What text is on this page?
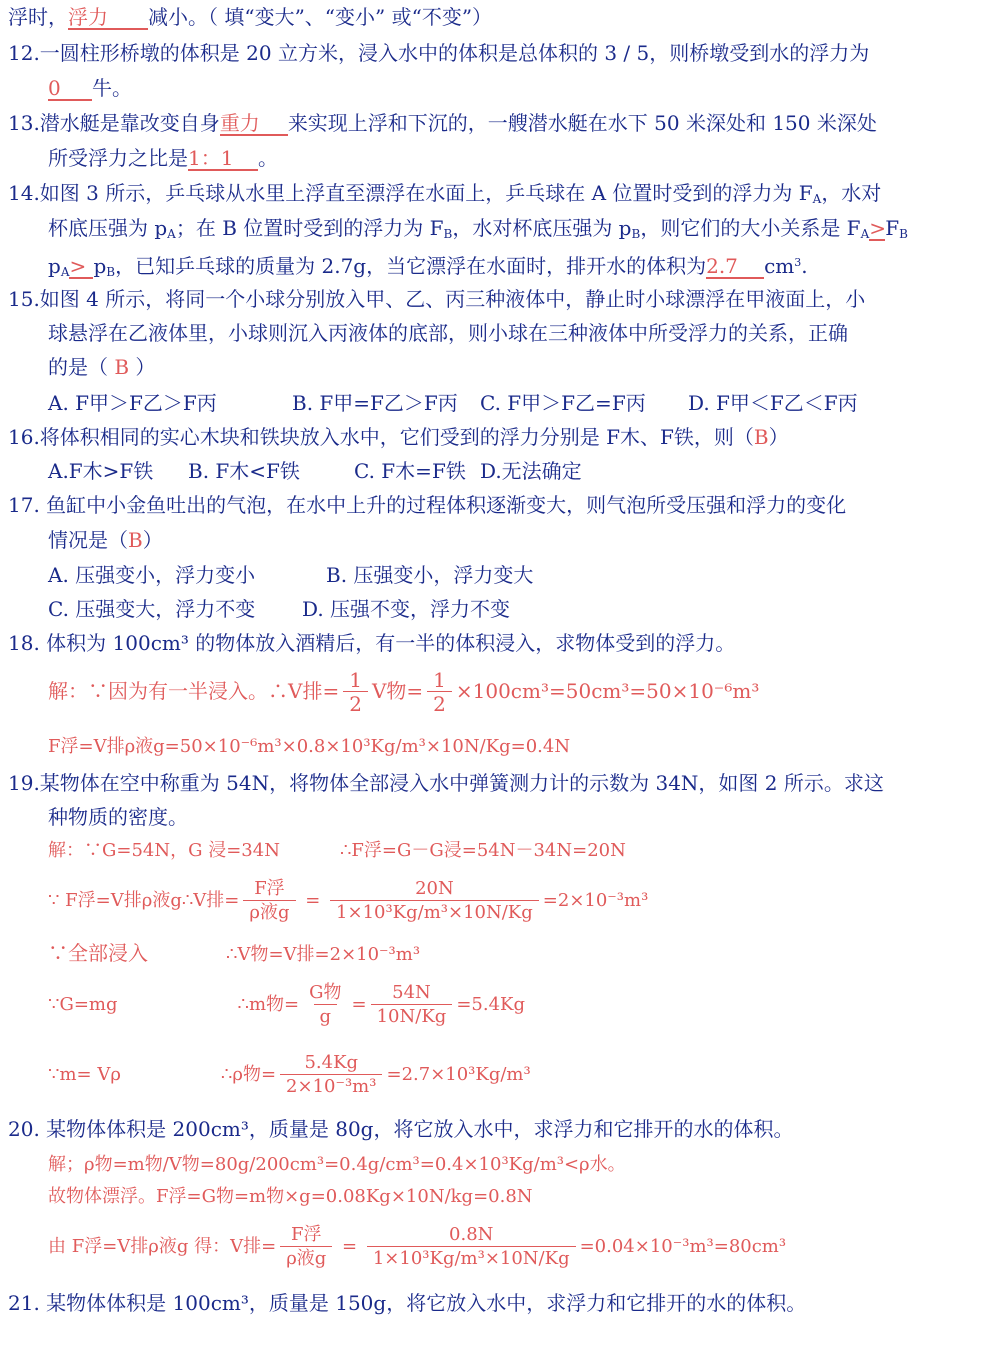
浮时，浮力 减小。（ 填“变大”、“变小” 或“不变”）
12.一圆柱形桥墩的体积是 20 立方米，浸入水中的体积是总体积的 3 / 5，则桥墩受到水的浮力为
0 牛。
13.潜水艇是靠改变自身重力 来实现上浮和下沉的，一艘潜水艇在水下 50 米深处和 150 米深处
所受浮力之比是1：1 。
14.如图 3 所示，乒乓球从水里上浮直至漂浮在水面上，乒乓球在 A 位置时受到的浮力为 $F_A$，水对
杯底压强为 $p_A$；在 B 位置时受到的浮力为 $F_B$，水对杯底压强为 $p_B$，则它们的大小关系是 $F_A>F_B$
$p_A> p_B$，已知乒乓球的质量为 2.7g，当它漂浮在水面时，排开水的体积为2.7 $cm^3$.
15.如图 4 所示，将同一个小球分别放入甲、乙、丙三种液体中，静止时小球漂浮在甲液面上，小
球悬浮在乙液体里，小球则沉入丙液体的底部，则小球在三种液体中所受浮力的关系，正确
的是（ B ）
A. F甲＞F乙＞F丙	B. F甲=F乙＞F丙 C. F甲＞F乙=F丙 D. F甲＜F乙＜F丙
16.将体积相同的实心木块和铁块放入水中，它们受到的浮力分别是 F木、F铁，则（B）
A.F木>F铁 B. F木<F铁	C. F木=F铁 D.无法确定
17. 鱼缸中小金鱼吐出的气泡，在水中上升的过程体积逐渐变大，则气泡所受压强和浮力的变化
情况是（B）
A. 压强变小，浮力变小	B. 压强变小，浮力变大
C. 压强变大，浮力不变 D. 压强不变，浮力不变
18. 体积为 100cm³ 的物体放入酒精后，有一半的体积浸入，求物体受到的浮力。
解：∵因为有一半浸入。∴V排= $\frac{1}{2}$ V物= $\frac{1}{2} \times 100cm^3=50cm^3=50\times 10^{-6}m^3$
F浮=V排ρ液g=50×10⁻⁶m³×0.8×10³Kg/m³×10N/Kg=0.4N
19.某物体在空中称重为 54N，将物体全部浸入水中弹簧测力计的示数为 34N，如图 2 所示。求这
种物质的密度。
解：∵G=54N，G 浸=34N	∴F浮=G－G浸=54N－34N=20N
∵ F浮=V排ρ液g∴V排= $\frac{\text{F浮}}{\text{ρ液g}} = \frac{20N}{\text{1×10³Kg/m³×10N/Kg}} =2\times 10^{-3}m^3$
∵全部浸入	∴V物=V排=2×10⁻³m³
∵G=mg	∴m物= $\frac{\text{G物}}{g} = \frac{54N}{10N/Kg} =5.4Kg$
∵m= Vρ	∴ρ物= $\frac{5.4Kg}{\text{2×10⁻³m³}} =2.7\times 10^3Kg/m^3$
20. 某物体体积是 200cm³，质量是 80g，将它放入水中，求浮力和它排开的水的体积。
解；ρ物=m物/V物=80g/200cm³=0.4g/cm³=0.4×10³Kg/m³<ρ水。
故物体漂浮。F浮=G物=m物×g=0.08Kg×10N/kg=0.8N
由 F浮=V排ρ液g 得：V排= $\frac{\text{F浮}}{\text{ρ液g}} = \frac{0.8N}{\text{1×10³Kg/m³×10N/Kg}} =0.04\times 10^{-3}m^3=80cm^3$
21. 某物体体积是 100cm³，质量是 150g，将它放入水中，求浮力和它排开的水的体积。
